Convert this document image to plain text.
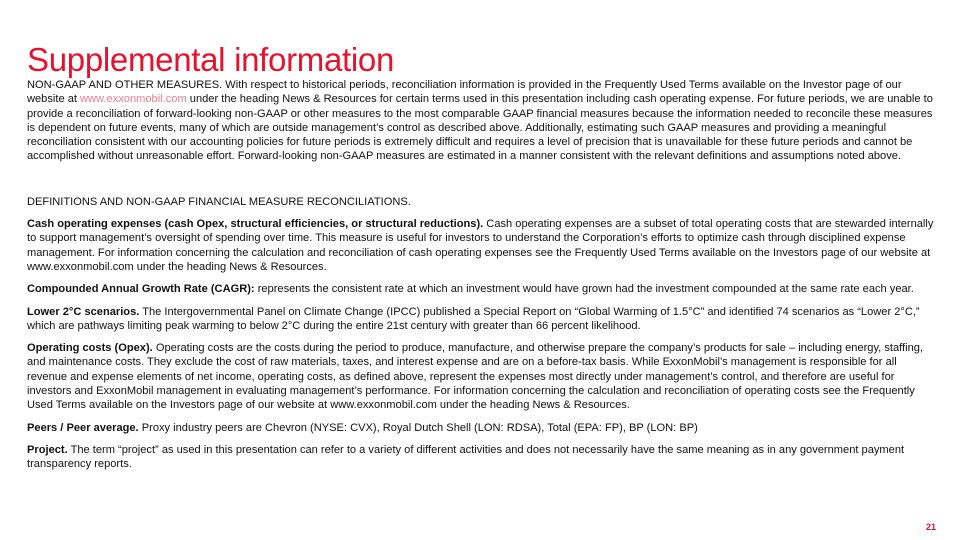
Supplemental information

NON-GAAP AND OTHER MEASURES. With respect to historical periods, reconciliation information is provided in the Frequently Used Terms available on the Investor page of our website at www.exxonmobil.com under the heading News & Resources for certain terms used in this presentation including cash operating expense. For future periods, we are unable to provide a reconciliation of forward-looking non-GAAP or other measures to the most comparable GAAP financial measures because the information needed to reconcile these measures is dependent on future events, many of which are outside management’s control as described above. Additionally, estimating such GAAP measures and providing a meaningful reconciliation consistent with our accounting policies for future periods is extremely difficult and requires a level of precision that is unavailable for these future periods and cannot be accomplished without unreasonable effort. Forward-looking non-GAAP measures are estimated in a manner consistent with the relevant definitions and assumptions noted above.

DEFINITIONS AND NON-GAAP FINANCIAL MEASURE RECONCILIATIONS.

Cash operating expenses (cash Opex, structural efficiencies, or structural reductions). Cash operating expenses are a subset of total operating costs that are stewarded internally to support management’s oversight of spending over time. This measure is useful for investors to understand the Corporation’s efforts to optimize cash through disciplined expense management. For information concerning the calculation and reconciliation of cash operating expenses see the Frequently Used Terms available on the Investors page of our website at www.exxonmobil.com under the heading News & Resources.

Compounded Annual Growth Rate (CAGR): represents the consistent rate at which an investment would have grown had the investment compounded at the same rate each year.

Lower 2°C scenarios. The Intergovernmental Panel on Climate Change (IPCC) published a Special Report on “Global Warming of 1.5°C” and identified 74 scenarios as “Lower 2°C,” which are pathways limiting peak warming to below 2°C during the entire 21st century with greater than 66 percent likelihood.

Operating costs (Opex). Operating costs are the costs during the period to produce, manufacture, and otherwise prepare the company’s products for sale – including energy, staffing, and maintenance costs. They exclude the cost of raw materials, taxes, and interest expense and are on a before-tax basis. While ExxonMobil’s management is responsible for all revenue and expense elements of net income, operating costs, as defined above, represent the expenses most directly under management’s control, and therefore are useful for investors and ExxonMobil management in evaluating management’s performance. For information concerning the calculation and reconciliation of operating costs see the Frequently Used Terms available on the Investors page of our website at www.exxonmobil.com under the heading News & Resources.

Peers / Peer average. Proxy industry peers are Chevron (NYSE: CVX), Royal Dutch Shell (LON: RDSA), Total (EPA: FP), BP (LON: BP)

Project. The term “project” as used in this presentation can refer to a variety of different activities and does not necessarily have the same meaning as in any government payment transparency reports.

21
